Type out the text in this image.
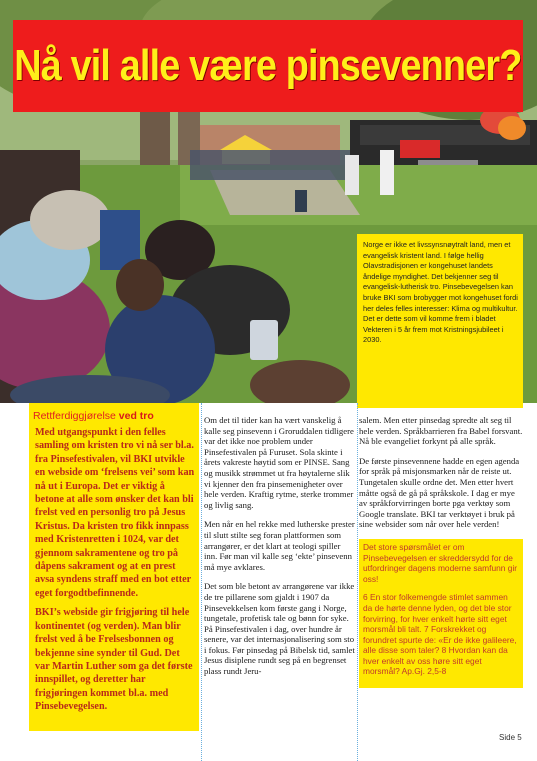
Nå vil alle være pinsevenner?
Norge er ikke et livssynsnøytralt land, men et evangelisk kristent land. I følge hellig Olavstradisjonen er kongehuset landets åndelige myndighet. Det bekjenner seg til evangelisk-lutherisk tro. Pinsebevegelsen kan bruke BKI som brobygger mot kongehuset fordi her deles felles interesser: Klima og multikultur. Det er dette som vil komme frem i bladet Vekteren i 5 år frem mot Kristningsjubileet i 2030.
Rettferdiggjørelse ved tro

Med utgangspunkt i den felles samling om kristen tro vi nå ser bl.a. fra Pinsefestivalen, vil BKI utvikle en webside om ‘frelsens vei’ som kan nå ut i Europa. Det er viktig å betone at alle som ønsker det kan bli frelst ved en personlig tro på Jesus Kristus. Da kristen tro fikk innpass med Kristenretten i 1024, var det gjennom sakramentene og tro på dåpens sakrament og at en prest avsa syndens straff med en bot etter eget forgodtbefinnende.

BKI’s webside gir frigjøring til hele kontinentet (og verden). Man blir frelst ved å be Frelsesbonnen og bekjenne sine synder til Gud. Det var Martin Luther som ga det første innspillet, og deretter har frigjøringen kommet bl.a. med Pinsebevegelsen.

Om det til tider kan ha vært vanskelig å kalle seg pinsevenn i Groruddalen tidligere var det ikke noe problem under Pinsefestivalen på Furuset. Sola skinte i årets vakreste høytid som er PINSE. Sang og musikk strømmet ut fra høytalerne slik vi kjenner den fra pinsemenigheter over hele verden. Kraftig rytme, sterke trommer og livlig sang.

Men når en hel rekke med lutherske prester til slutt stilte seg foran plattformen som arrangører, er det klart at teologi spiller inn. Før man vil kalle seg ‘ekte’ pinsevenn må mye avklares.

Det som ble betont av arrangørene var ikke de tre pillarene som gjaldt i 1907 da Pinsevekkelsen kom første gang i Norge, tungetale, profetisk tale og bønn for syke. På Pinsefestivalen i dag, over hundre år senere, var det internasjonalisering som sto i fokus. Før pinsedag på Bibelsk tid, samlet Jesus disiplene rundt seg på en begrenset plass rundt Jeru-

salem. Men etter pinsedag spredte alt seg til hele verden. Språkbarrieren fra Babel forsvant. Nå ble evangeliet forkynt på alle språk.

De første pinsevennene hadde en egen agenda for språk på misjonsmarken når de reiste ut. Tungetalen skulle ordne det. Men etter hvert måtte også de gå på språkskole. I dag er mye av språkforvirringen borte pga verktøy som Google translate. BKI tar verktøyet i bruk på sine websider som når over hele verden!

Det store spørsmålet er om Pinsebevegelsen er skreddersydd for de utfordringer dagens moderne samfunn gir oss!

6 En stor folkemengde stimlet sammen da de hørte denne lyden, og det ble stor forvirring, for hver enkelt hørte sitt eget morsmål bli talt. 7 Forskrekket og forundret spurte de: «Er de ikke galileere, alle disse som taler? 8 Hvordan kan da hver enkelt av oss høre sitt eget morsmål? Ap.Gj. 2,5-8

Side 5
